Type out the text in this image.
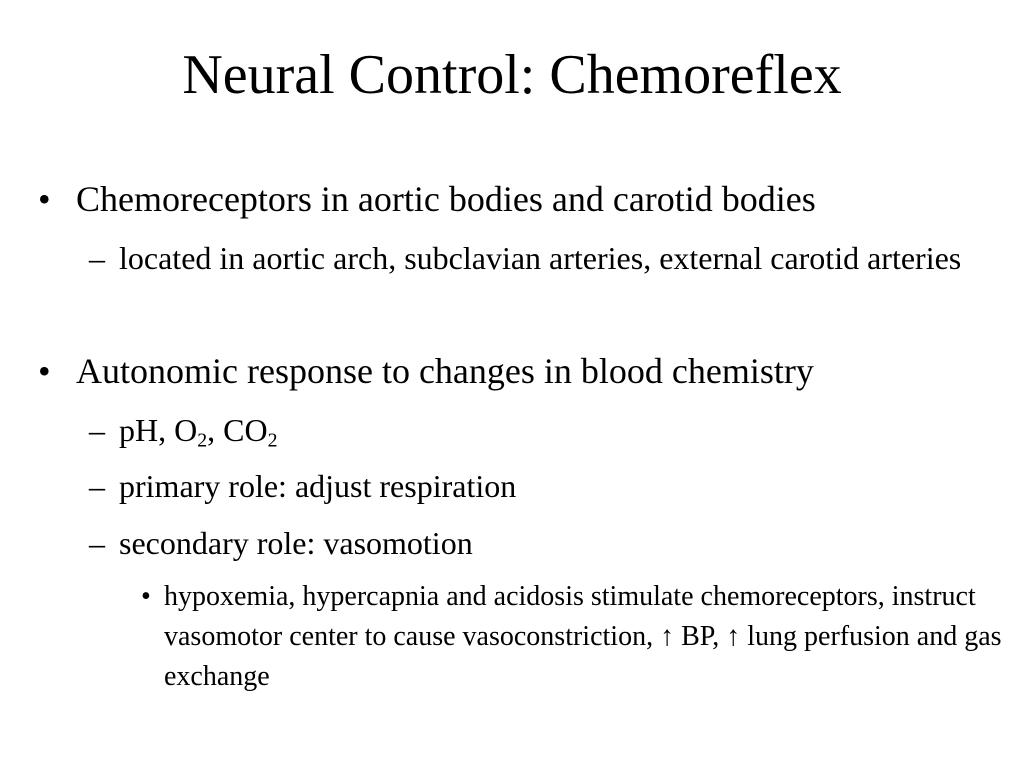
Neural Control: Chemoreflex
• Chemoreceptors in aortic bodies and carotid bodies
– located in aortic arch, subclavian arteries, external carotid arteries
• Autonomic response to changes in blood chemistry
– pH, $O_2$, $CO_2$
– primary role: adjust respiration
– secondary role: vasomotion
• hypoxemia, hypercapnia and acidosis stimulate chemoreceptors, instruct vasomotor center to cause vasoconstriction, ↑ BP, ↑ lung perfusion and gas exchange
